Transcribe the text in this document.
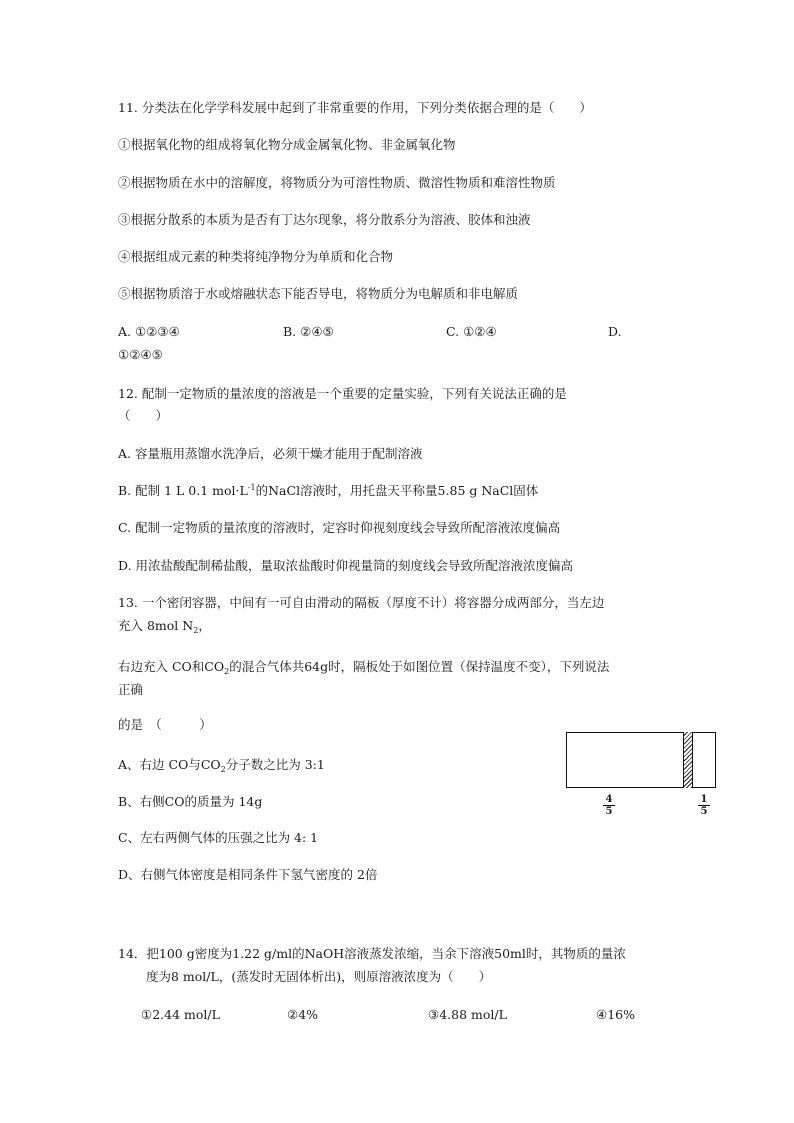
11. 分类法在化学学科发展中起到了非常重要的作用，下列分类依据合理的是（　　）
①根据氧化物的组成将氧化物分成金属氧化物、非金属氧化物
②根据物质在水中的溶解度，将物质分为可溶性物质、微溶性物质和难溶性物质
③根据分散系的本质为是否有丁达尔现象，将分散系分为溶液、胶体和浊液
④根据组成元素的种类将纯净物分为单质和化合物
⑤根据物质溶于水或熔融状态下能否导电，将物质分为电解质和非电解质
A. ①②③④	B. ②④⑤	C. ①②④	D.
①②④⑤
12. 配制一定物质的量浓度的溶液是一个重要的定量实验，下列有关说法正确的是
（　　）
A. 容量瓶用蒸馏水洗净后，必须干燥才能用于配制溶液
B. 配制 1 L 0.1 $mol\cdot L^{-1}$的NaCl溶液时，用托盘天平称量5.85 g NaCl固体
C. 配制一定物质的量浓度的溶液时，定容时仰视刻度线会导致所配溶液浓度偏高
D. 用浓盐酸配制稀盐酸，量取浓盐酸时仰视量筒的刻度线会导致所配溶液浓度偏高
13. 一个密闭容器，中间有一可自由滑动的隔板（厚度不计）将容器分成两部分，当左边
充入 8mol $N_2$，
右边充入 CO和$CO_2$的混合气体共64g时，隔板处于如图位置（保持温度不变），下列说法
正确
的是　（　　　）
A、右边 CO与$CO_2$分子数之比为 3:1
B、右侧CO的质量为 14g
C、左右两侧气体的压强之比为 4: 1
D、右侧气体密度是相同条件下氢气密度的 2倍
$\frac{4}{5}$	$\frac{1}{5}$
14．把100 g密度为1.22 g/ml的NaOH溶液蒸发浓缩，当余下溶液50ml时，其物质的量浓
度为8 mol/L，(蒸发时无固体析出)，则原溶液浓度为（　　）
①2.44 mol/L	②4%	③4.88 mol/L	④16%
